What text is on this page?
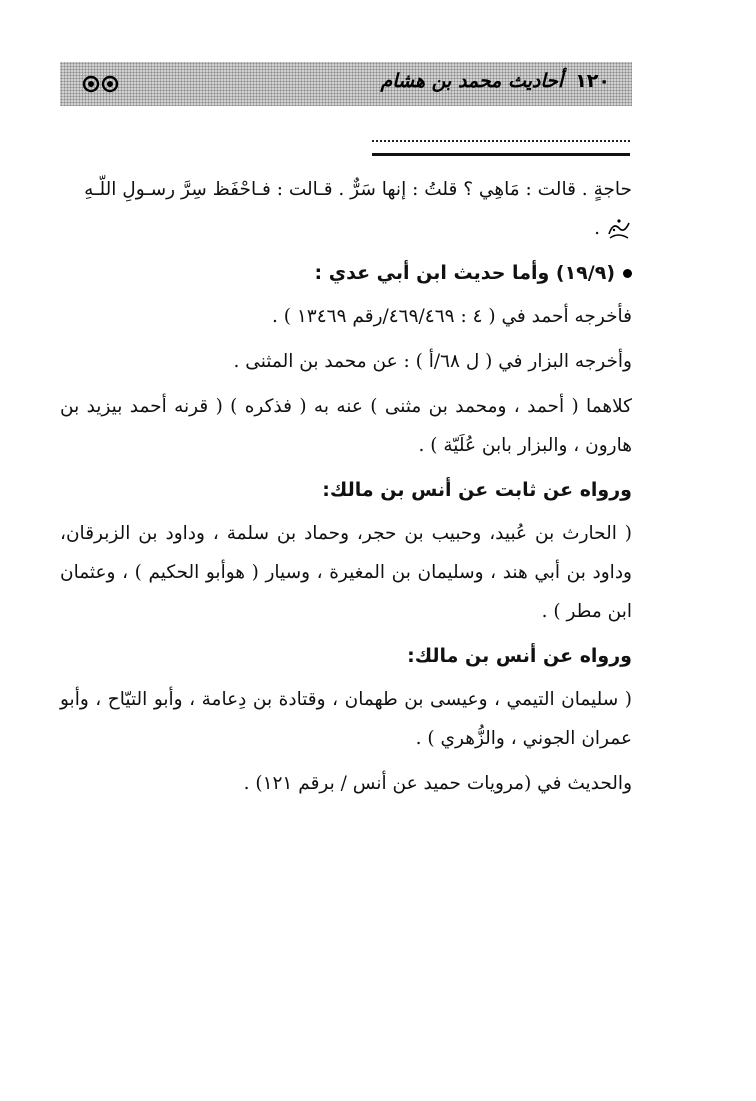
١٢٠أحاديث محمد بن هشام

حاجةٍ . قالت : مَاهِي ؟ قلتُ : إنها سَرٌّ . قـالت : فـاحْفَظ سِرَّ رسـولِ اللّـهِ
.

(١٩/٩) وأما حديث ابن أبي عدي :

فأخرجه أحمد في ( ٤ : ٤٦٩/٤٦٩/رقم ١٣٤٦٩ ) .

وأخرجه البزار في ( ل ٦٨/أ ) : عن محمد بن المثنى .

كلاهما ( أحمد ، ومحمد بن مثنى ) عنه به ( فذكره ) ( قرنه أحمد بيزيد بن هارون ، والبزار بابن عُلَيّة ) .

ورواه عن ثابت عن أنس بن مالك:

( الحارث بن عُبيد، وحبيب بن حجر، وحماد بن سلمة ، وداود بن الزبرقان، وداود بن أبي هند ، وسليمان بن المغيرة ، وسيار ( هوأبو الحكيم ) ، وعثمان ابن مطر ) .

ورواه عن أنس بن مالك:

( سليمان التيمي ، وعيسى بن طهمان ، وقتادة بن دِعامة ، وأبو التيّاح ، وأبو عمران الجوني ، والزُّهري ) .

والحديث في (مرويات حميد عن أنس / برقم ١٢١) .
